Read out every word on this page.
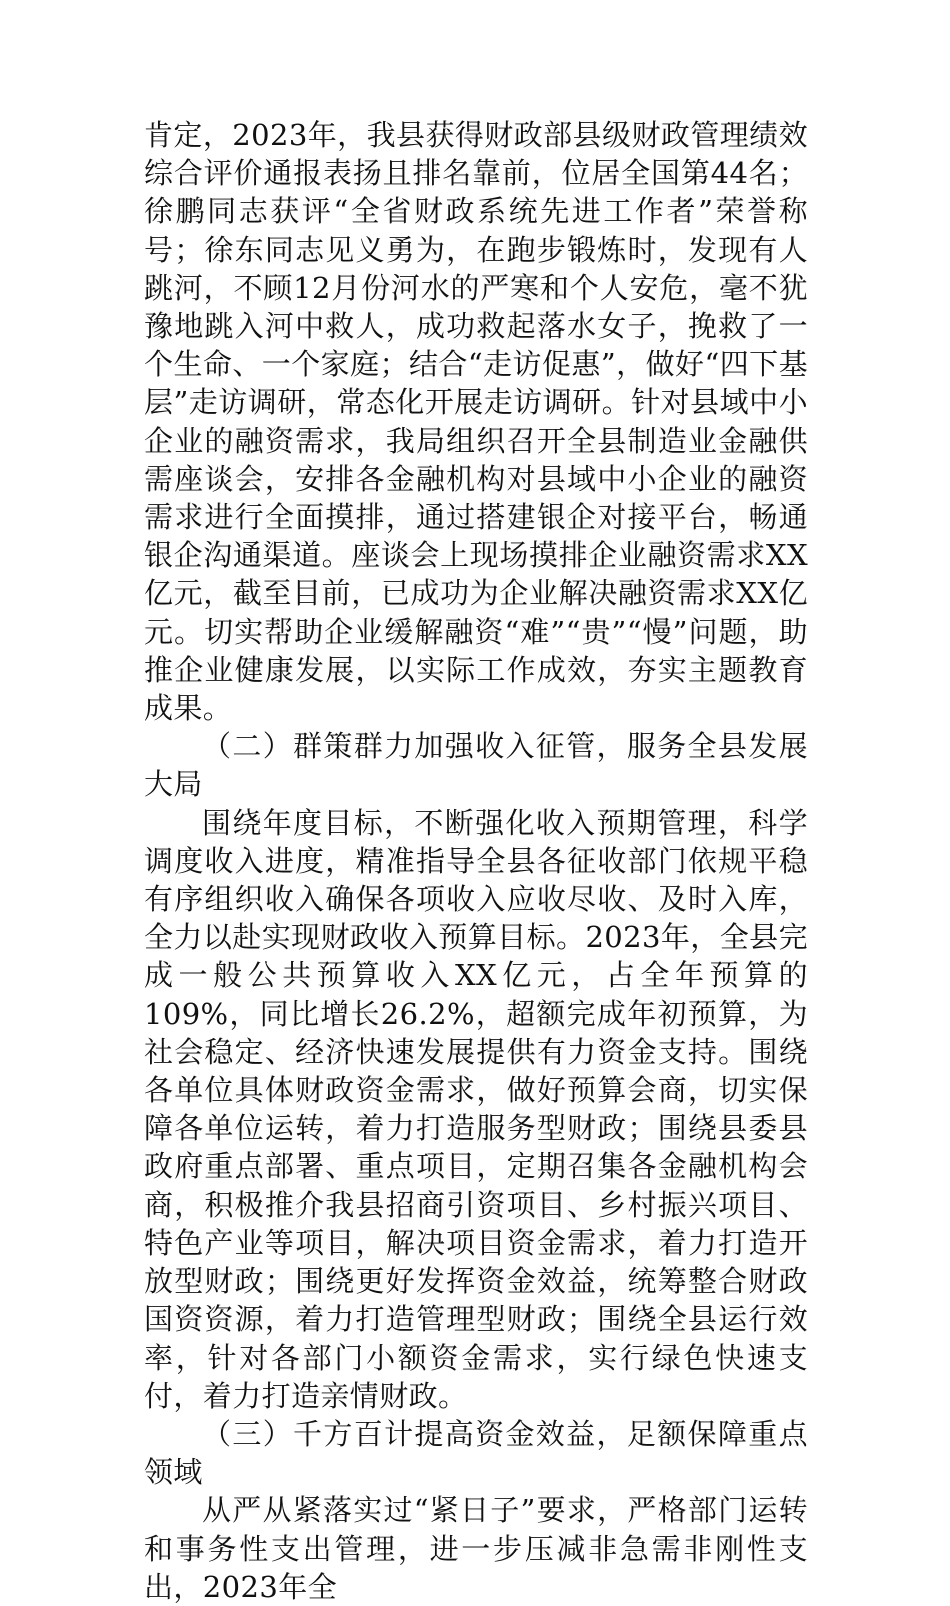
肯定，2023年，我县获得财政部县级财政管理绩效综合评价通报表扬且排名靠前，位居全国第44名；徐鹏同志获评“全省财政系统先进工作者”荣誉称号；徐东同志见义勇为，在跑步锻炼时，发现有人跳河，不顾12月份河水的严寒和个人安危，毫不犹豫地跳入河中救人，成功救起落水女子，挽救了一个生命、一个家庭；结合“走访促惠”，做好“四下基层”走访调研，常态化开展走访调研。针对县域中小企业的融资需求，我局组织召开全县制造业金融供需座谈会，安排各金融机构对县域中小企业的融资需求进行全面摸排，通过搭建银企对接平台，畅通银企沟通渠道。座谈会上现场摸排企业融资需求XX亿元，截至目前，已成功为企业解决融资需求XX亿元。切实帮助企业缓解融资“难”“贵”“慢”问题，助推企业健康发展，以实际工作成效，夯实主题教育成果。

（二）群策群力加强收入征管，服务全县发展大局

围绕年度目标，不断强化收入预期管理，科学调度收入进度，精准指导全县各征收部门依规平稳有序组织收入确保各项收入应收尽收、及时入库，全力以赴实现财政收入预算目标。2023年，全县完成一般公共预算收入XX亿元，占全年预算的109%，同比增长26.2%，超额完成年初预算，为社会稳定、经济快速发展提供有力资金支持。围绕各单位具体财政资金需求，做好预算会商，切实保障各单位运转，着力打造服务型财政；围绕县委县政府重点部署、重点项目，定期召集各金融机构会商，积极推介我县招商引资项目、乡村振兴项目、特色产业等项目，解决项目资金需求，着力打造开放型财政；围绕更好发挥资金效益，统筹整合财政国资资源，着力打造管理型财政；围绕全县运行效率，针对各部门小额资金需求，实行绿色快速支付，着力打造亲情财政。

（三）千方百计提高资金效益，足额保障重点领域

从严从紧落实过“紧日子”要求，严格部门运转和事务性支出管理，进一步压减非急需非刚性支出，2023年全
